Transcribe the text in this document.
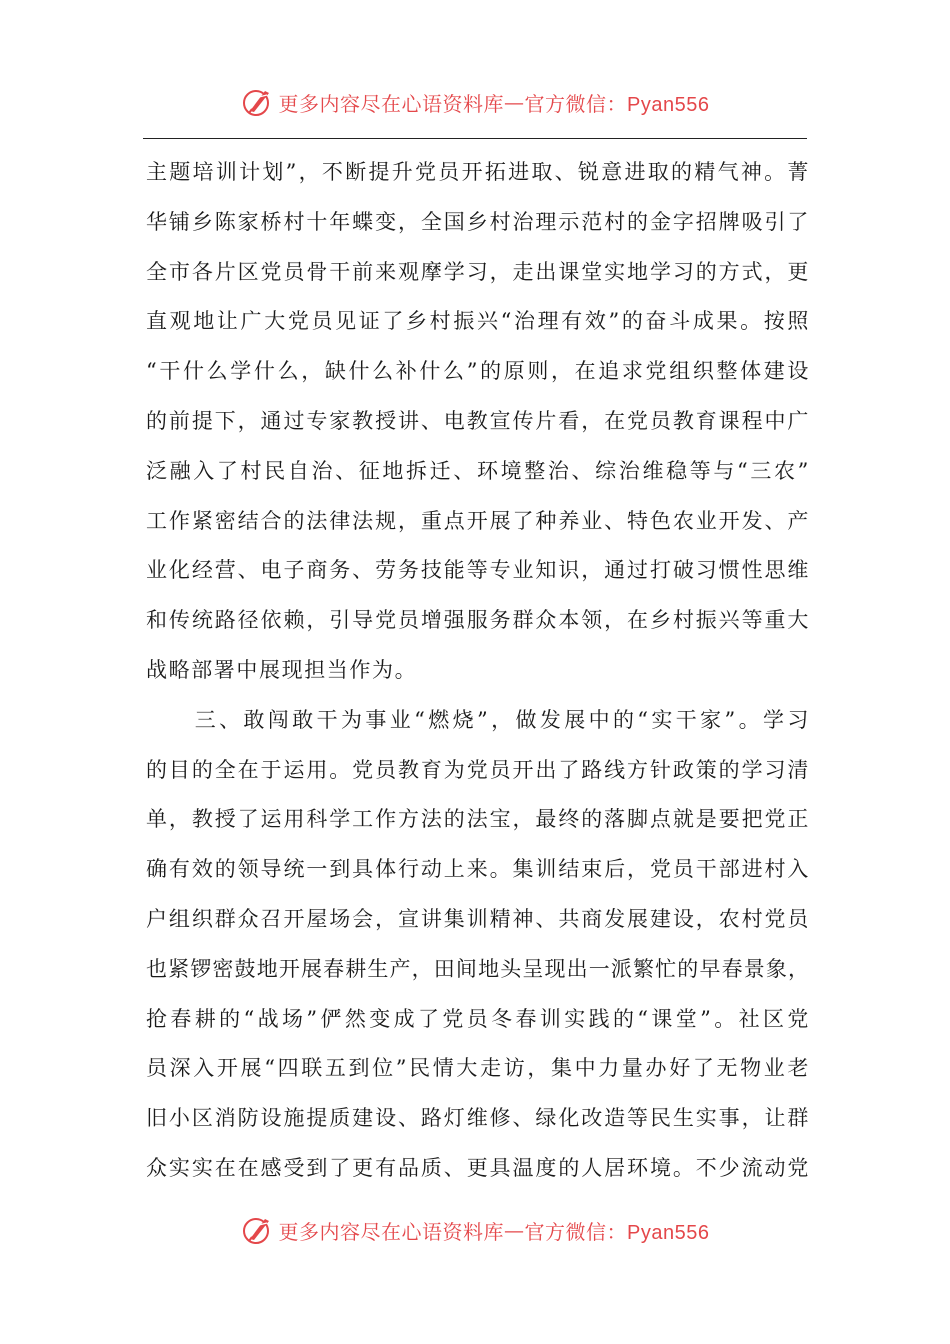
更多内容尽在心语资料库 — 官方微信：Pyan556
主题培训计划”，不断提升党员开拓进取、锐意进取的精气神。菁
华铺乡陈家桥村十年蝶变，全国乡村治理示范村的金字招牌吸引了
全市各片区党员骨干前来观摩学习，走出课堂实地学习的方式，更
直观地让广大党员见证了乡村振兴“治理有效”的奋斗成果。按照
“干什么学什么，缺什么补什么”的原则，在追求党组织整体建设
的前提下，通过专家教授讲、电教宣传片看，在党员教育课程中广
泛融入了村民自治、征地拆迁、环境整治、综治维稳等与“三农”
工作紧密结合的法律法规，重点开展了种养业、特色农业开发、产
业化经营、电子商务、劳务技能等专业知识，通过打破习惯性思维
和传统路径依赖，引导党员增强服务群众本领，在乡村振兴等重大
战略部署中展现担当作为。
　　三、敢闯敢干为事业“燃烧”，做发展中的“实干家”。学习
的目的全在于运用。党员教育为党员开出了路线方针政策的学习清
单，教授了运用科学工作方法的法宝，最终的落脚点就是要把党正
确有效的领导统一到具体行动上来。集训结束后，党员干部进村入
户组织群众召开屋场会，宣讲集训精神、共商发展建设，农村党员
也紧锣密鼓地开展春耕生产，田间地头呈现出一派繁忙的早春景象，
抢春耕的“战场”俨然变成了党员冬春训实践的“课堂”。社区党
员深入开展“四联五到位”民情大走访，集中力量办好了无物业老
旧小区消防设施提质建设、路灯维修、绿化改造等民生实事，让群
众实实在在感受到了更有品质、更具温度的人居环境。不少流动党
更多内容尽在心语资料库 — 官方微信：Pyan556
